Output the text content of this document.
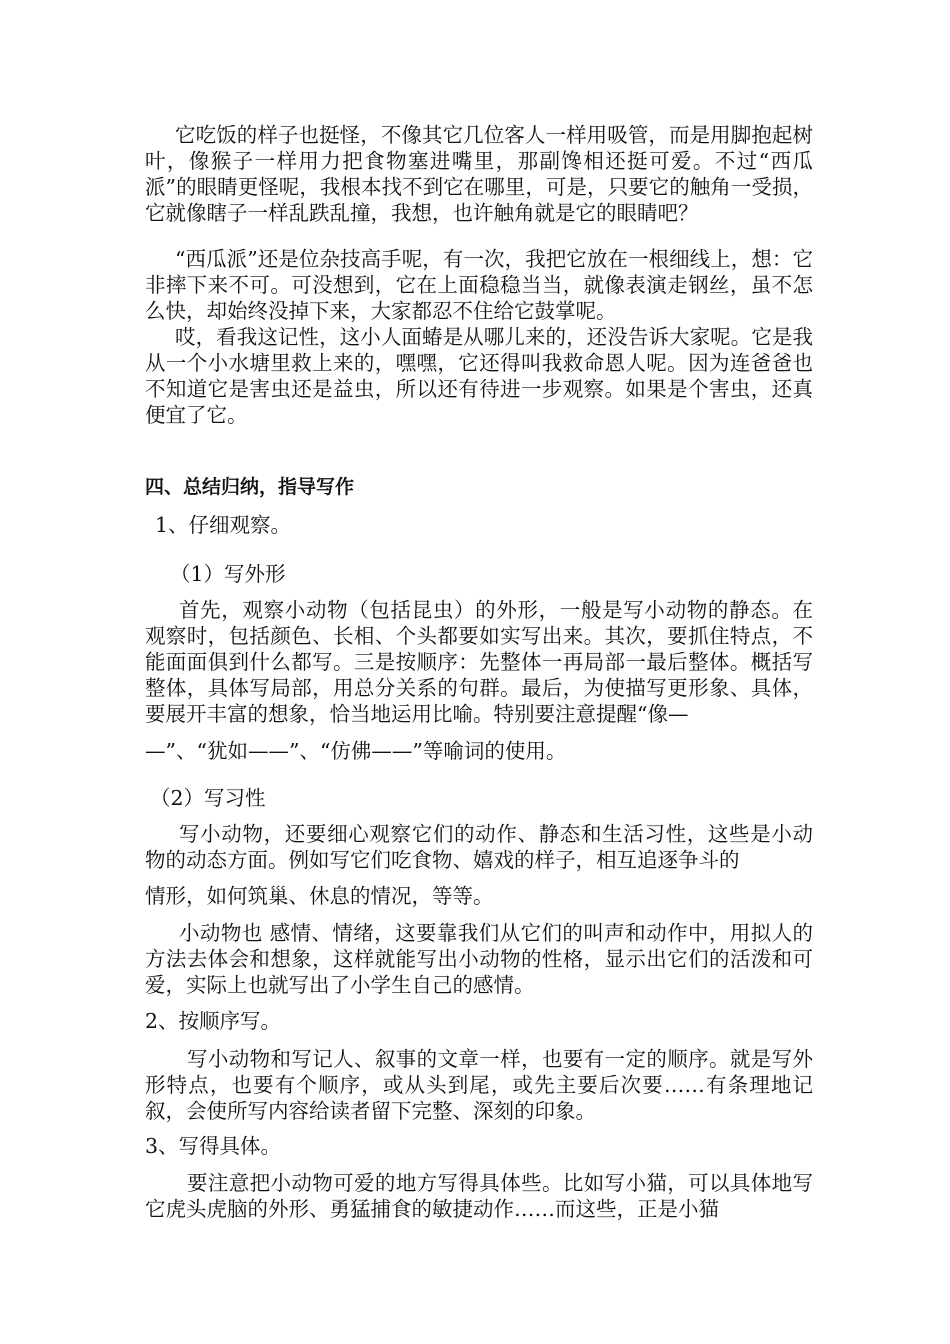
它吃饭的样子也挺怪，不像其它几位客人一样用吸管，而是用脚抱起树叶，像猴子一样用力把食物塞进嘴里，那副馋相还挺可爱。不过“西瓜派”的眼睛更怪呢，我根本找不到它在哪里，可是，只要它的触角一受损，它就像瞎子一样乱跌乱撞，我想，也许触角就是它的眼睛吧？

“西瓜派”还是位杂技高手呢，有一次，我把它放在一根细线上，想：它非摔下来不可。可没想到，它在上面稳稳当当，就像表演走钢丝，虽不怎么快，却始终没掉下来，大家都忍不住给它鼓掌呢。

哎，看我这记性，这小人面蝽是从哪儿来的，还没告诉大家呢。它是我从一个小水塘里救上来的，嘿嘿，它还得叫我救命恩人呢。因为连爸爸也不知道它是害虫还是益虫，所以还有待进一步观察。如果是个害虫，还真便宜了它。

四、总结归纳，指导写作

1、仔细观察。

（1）写外形

首先，观察小动物（包括昆虫）的外形，一般是写小动物的静态。在观察时，包括颜色、长相、个头都要如实写出来。其次，要抓住特点，不能面面俱到什么都写。三是按顺序：先整体一再局部一最后整体。概括写整体，具体写局部，用总分关系的句群。最后，为使描写更形象、具体，要展开丰富的想象，恰当地运用比喻。特别要注意提醒“像—

—”、“犹如——”、“仿佛——”等喻词的使用。

（2）写习性

写小动物，还要细心观察它们的动作、静态和生活习性，这些是小动物的动态方面。例如写它们吃食物、嬉戏的样子，相互追逐争斗的

情形，如何筑巢、休息的情况，等等。

小动物也 感情、情绪，这要靠我们从它们的叫声和动作中，用拟人的方法去体会和想象，这样就能写出小动物的性格，显示出它们的活泼和可爱，实际上也就写出了小学生自己的感情。

2、按顺序写。

写小动物和写记人、叙事的文章一样，也要有一定的顺序。就是写外形特点，也要有个顺序，或从头到尾，或先主要后次要……有条理地记叙，会使所写内容给读者留下完整、深刻的印象。

3、写得具体。

要注意把小动物可爱的地方写得具体些。比如写小猫，可以具体地写它虎头虎脑的外形、勇猛捕食的敏捷动作……而这些，正是小猫
